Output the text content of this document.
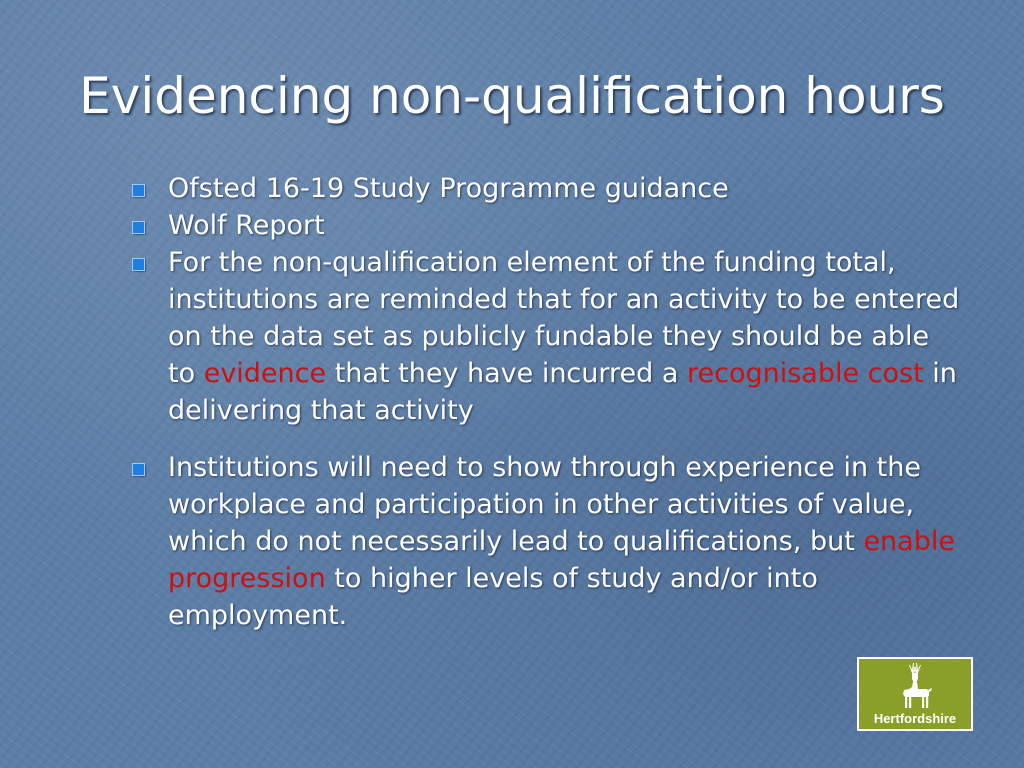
Evidencing non-qualification hours
Ofsted 16-19 Study Programme guidance
Wolf Report
For the non-qualification element of the funding total, institutions are reminded that for an activity to be entered on the data set as publicly fundable they should be able to evidence that they have incurred a recognisable cost in delivering that activity
Institutions will need to show through experience in the workplace and participation in other activities of value, which do not necessarily lead to qualifications, but enable progression to higher levels of study and/or into employment.
Hertfordshire
